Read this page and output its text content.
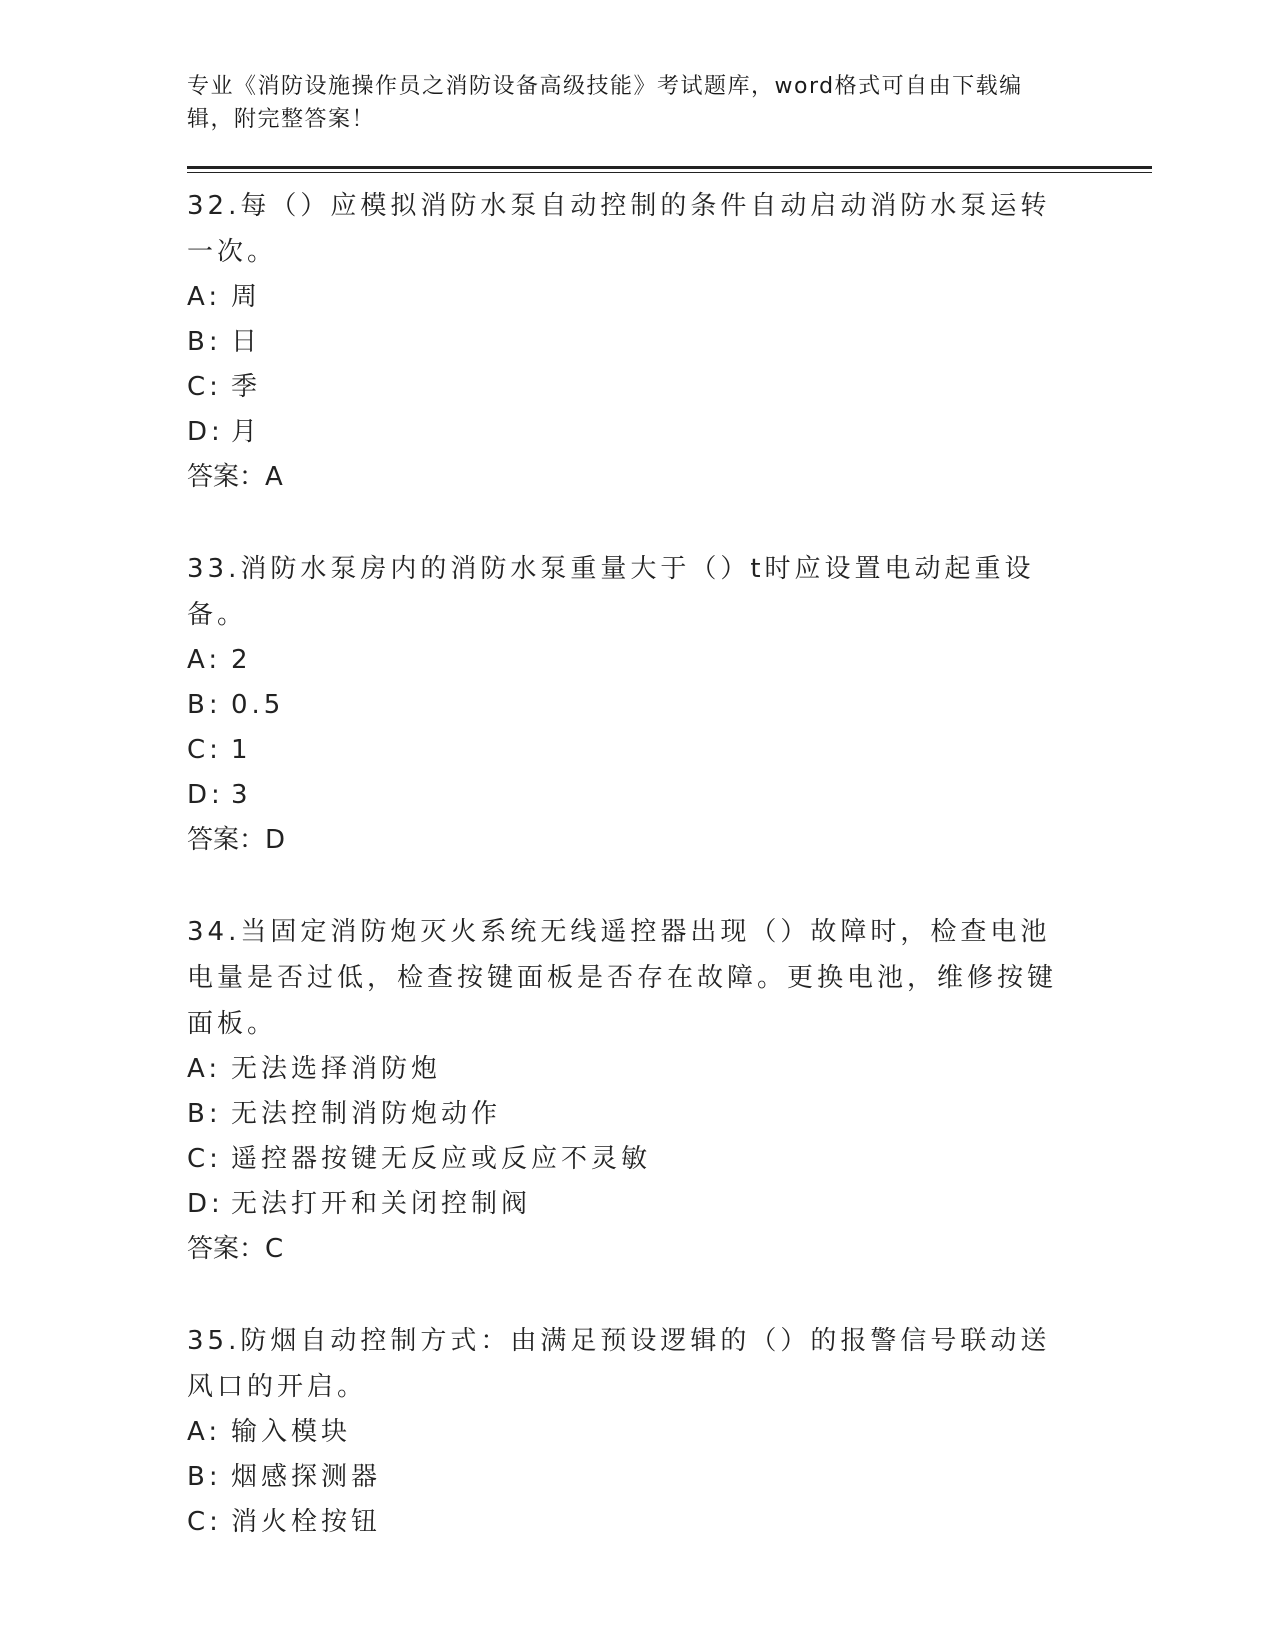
专业《消防设施操作员之消防设备高级技能》考试题库，word格式可自由下载编辑，附完整答案！
32.每（）应模拟消防水泵自动控制的条件自动启动消防水泵运转一次。
A: 周
B: 日
C: 季
D: 月
答案：A
33.消防水泵房内的消防水泵重量大于（）t时应设置电动起重设备。
A: 2
B: 0.5
C: 1
D: 3
答案：D
34.当固定消防炮灭火系统无线遥控器出现（）故障时，检查电池电量是否过低，检查按键面板是否存在故障。更换电池，维修按键面板。
A: 无法选择消防炮
B: 无法控制消防炮动作
C: 遥控器按键无反应或反应不灵敏
D: 无法打开和关闭控制阀
答案：C
35.防烟自动控制方式：由满足预设逻辑的（）的报警信号联动送风口的开启。
A: 输入模块
B: 烟感探测器
C: 消火栓按钮
